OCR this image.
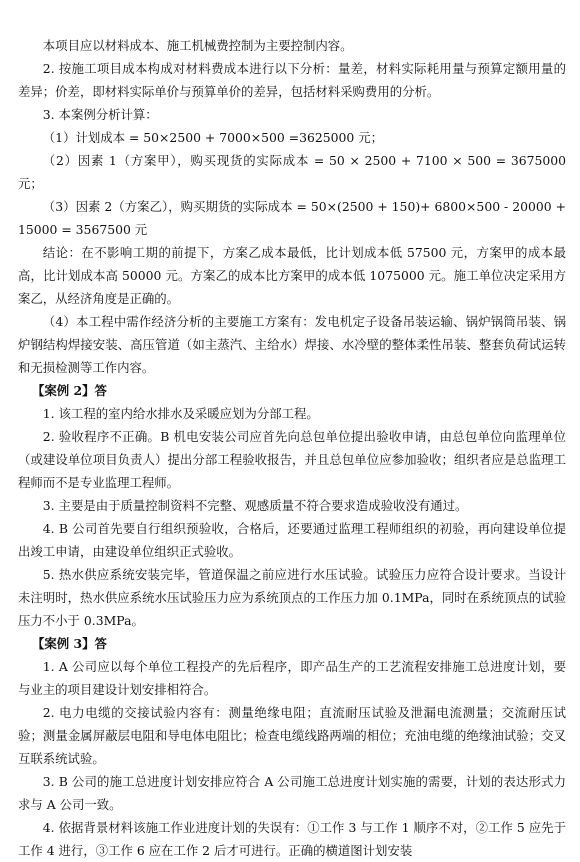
本项目应以材料成本、施工机械费控制为主要控制内容。

2. 按施工项目成本构成对材料费成本进行以下分析：量差，材料实际耗用量与预算定额用量的差异；价差，即材料实际单价与预算单价的差异，包括材料采购费用的分析。

3. 本案例分析计算：

（1）计划成本 = 50×2500 + 7000×500 =3625000 元；

（2）因素 1（方案甲），购买现货的实际成本 = 50 × 2500 + 7100 × 500 = 3675000 元；

（3）因素 2（方案乙），购买期货的实际成本 = 50×(2500 + 150)+ 6800×500 - 20000 + 15000 = 3567500 元

结论：在不影响工期的前提下，方案乙成本最低，比计划成本低 57500 元，方案甲的成本最高，比计划成本高 50000 元。方案乙的成本比方案甲的成本低 1075000 元。施工单位决定采用方案乙，从经济角度是正确的。

（4）本工程中需作经济分析的主要施工方案有：发电机定子设备吊装运输、锅炉锅筒吊装、锅炉钢结构焊接安装、高压管道（如主蒸汽、主给水）焊接、水冷壁的整体柔性吊装、整套负荷试运转和无损检测等工作内容。

【案例 2】答

1. 该工程的室内给水排水及采暖应划为分部工程。

2. 验收程序不正确。B 机电安装公司应首先向总包单位提出验收申请，由总包单位向监理单位（或建设单位项目负责人）提出分部工程验收报告，并且总包单位应参加验收；组织者应是总监理工程师而不是专业监理工程师。

3. 主要是由于质量控制资料不完整、观感质量不符合要求造成验收没有通过。

4. B 公司首先要自行组织预验收，合格后，还要通过监理工程师组织的初验，再向建设单位提出竣工申请，由建设单位组织正式验收。

5. 热水供应系统安装完毕，管道保温之前应进行水压试验。试验压力应符合设计要求。当设计未注明时，热水供应系统水压试验压力应为系统顶点的工作压力加 0.1MPa，同时在系统顶点的试验压力不小于 0.3MPa。

【案例 3】答

1. A 公司应以每个单位工程投产的先后程序，即产品生产的工艺流程安排施工总进度计划，要与业主的项目建设计划安排相符合。

2. 电力电缆的交接试验内容有：测量绝缘电阻；直流耐压试验及泄漏电流测量；交流耐压试验；测量金属屏蔽层电阻和导电体电阻比；检查电缆线路两端的相位；充油电缆的绝缘油试验；交叉互联系统试验。

3. B 公司的施工总进度计划安排应符合 A 公司施工总进度计划实施的需要，计划的表达形式力求与 A 公司一致。

4. 依据背景材料该施工作业进度计划的失误有：①工作 3 与工作 1 顺序不对，②工作 5 应先于工作 4 进行，③工作 6 应在工作 2 后才可进行。正确的横道图计划安装
